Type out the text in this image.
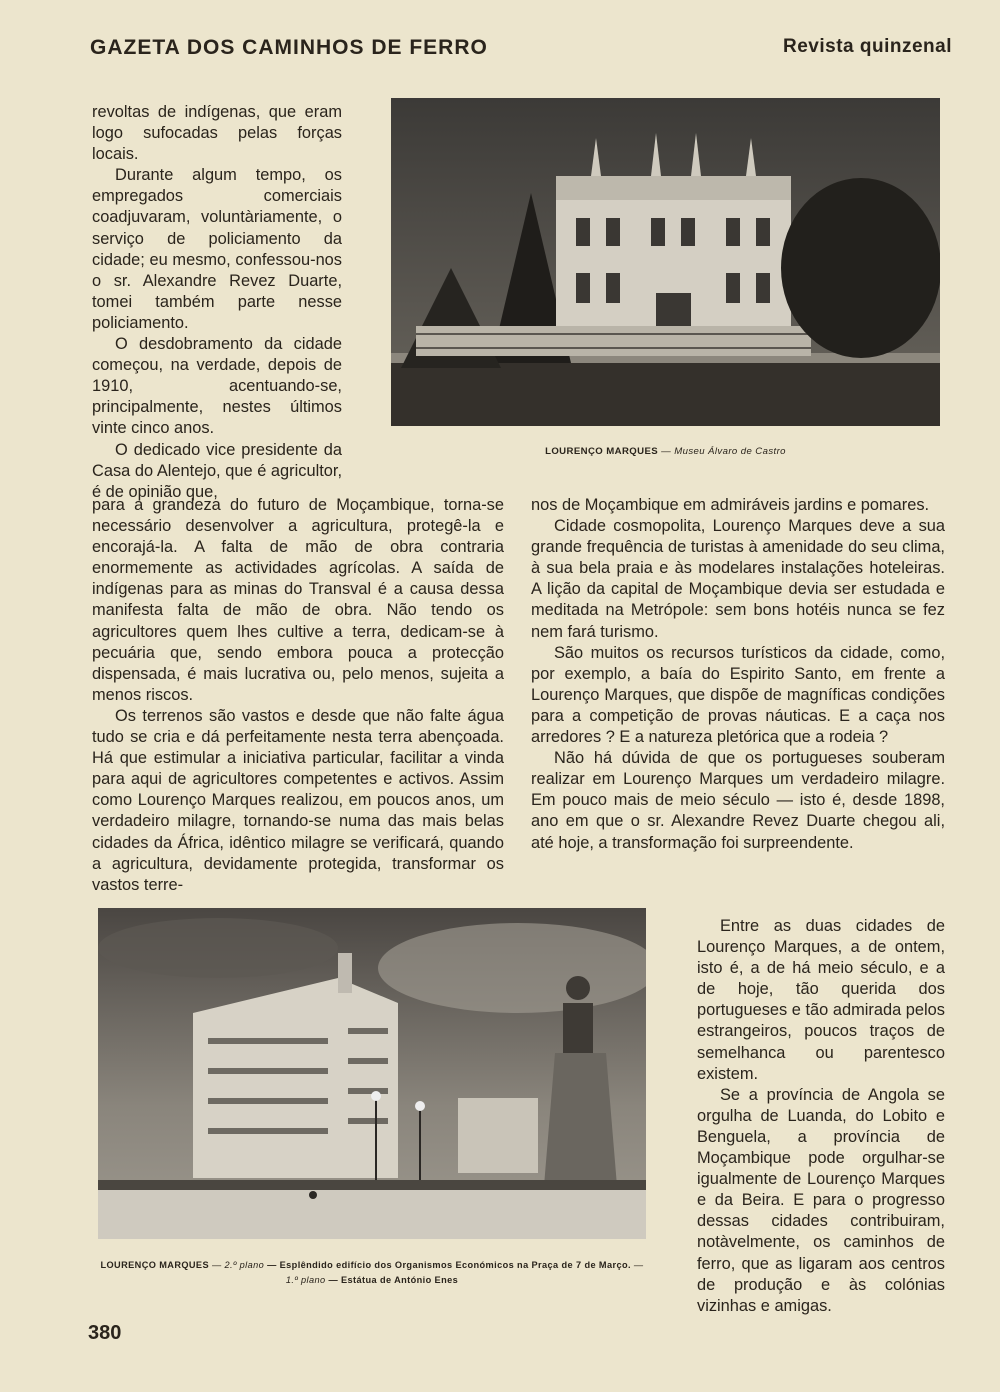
GAZETA DOS CAMINHOS DE FERRO	Revista quinzenal

revoltas de indígenas, que eram logo sufocadas pelas forças locais.

Durante algum tempo, os empregados comerciais coadjuvaram, voluntàriamente, o serviço de policiamento da cidade; eu mesmo, confessou-nos o sr. Alexandre Revez Duarte, tomei também parte nesse policiamento.

O desdobramento da cidade começou, na verdade, depois de 1910, acentuando-se, principalmente, nestes últimos vinte cinco anos.

O dedicado vice presidente da Casa do Alentejo, que é agricultor, é de opinião que,

LOURENÇO MARQUES — Museu Álvaro de Castro

para a grandeza do futuro de Moçambique, torna-se necessário desenvolver a agricultura, protegê-la e encorajá-la. A falta de mão de obra contraria enormemente as actividades agrícolas. A saída de indígenas para as minas do Transval é a causa dessa manifesta falta de mão de obra. Não tendo os agricultores quem lhes cultive a terra, dedicam-se à pecuária que, sendo embora pouca a protecção dispensada, é mais lucrativa ou, pelo menos, sujeita a menos riscos.

Os terrenos são vastos e desde que não falte água tudo se cria e dá perfeitamente nesta terra abençoada. Há que estimular a iniciativa particular, facilitar a vinda para aqui de agricultores competentes e activos. Assim como Lourenço Marques realizou, em poucos anos, um verdadeiro milagre, tornando-se numa das mais belas cidades da África, idêntico milagre se verificará, quando a agricultura, devidamente protegida, transformar os vastos terre-

nos de Moçambique em admiráveis jardins e pomares.

Cidade cosmopolita, Lourenço Marques deve a sua grande frequência de turistas à amenidade do seu clima, à sua bela praia e às modelares instalações hoteleiras. A lição da capital de Moçambique devia ser estudada e meditada na Metrópole: sem bons hotéis nunca se fez nem fará turismo.

São muitos os recursos turísticos da cidade, como, por exemplo, a baía do Espirito Santo, em frente a Lourenço Marques, que dispõe de magníficas condições para a competição de provas náuticas. E a caça nos arredores ? E a natureza pletórica que a rodeia ?

Não há dúvida de que os portugueses souberam realizar em Lourenço Marques um verdadeiro milagre. Em pouco mais de meio século — isto é, desde 1898, ano em que o sr. Alexandre Revez Duarte chegou ali, até hoje, a transformação foi surpreendente.

LOURENÇO MARQUES — 2.º plano — Esplêndido edifício dos Organismos Económicos na Praça de 7 de Março. — 1.º plano — Estátua de António Enes

Entre as duas cidades de Lourenço Marques, a de ontem, isto é, a de há meio século, e a de hoje, tão querida dos portugueses e tão admirada pelos estrangeiros, poucos traços de semelhanca ou parentesco existem.

Se a província de Angola se orgulha de Luanda, do Lobito e Benguela, a província de Moçambique pode orgulhar-se igualmente de Lourenço Marques e da Beira. E para o progresso dessas cidades contribuiram, notàvelmente, os caminhos de ferro, que as ligaram aos centros de produção e às colónias vizinhas e amigas.

380
